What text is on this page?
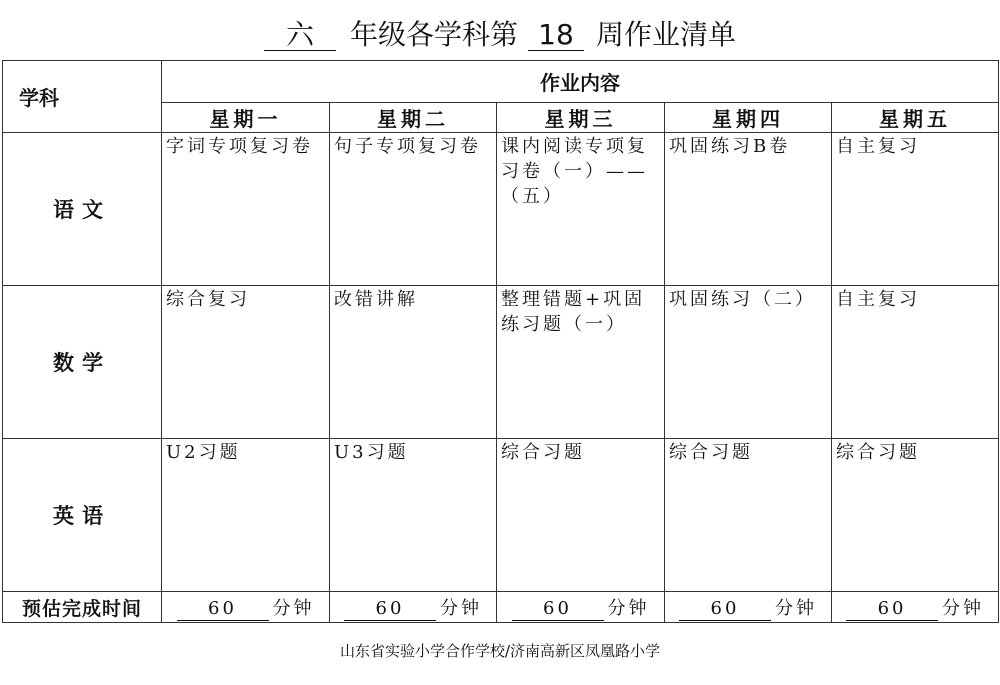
六 年级各学科第 18 周作业清单
学科	作业内容				
	星期一	星期二	星期三	星期四	星期五
语文	字词专项复习卷	句子专项复习卷	课内阅读专项复习卷（一）——（五）	巩固练习B卷	自主复习
数学	综合复习	改错讲解	整理错题+巩固练习题（一）	巩固练习（二）	自主复习
英语	U2习题	U3习题	综合习题	综合习题	综合习题
预估完成时间	60 分钟	60 分钟	60 分钟	60 分钟	60 分钟
山东省实验小学合作学校/济南高新区凤凰路小学
